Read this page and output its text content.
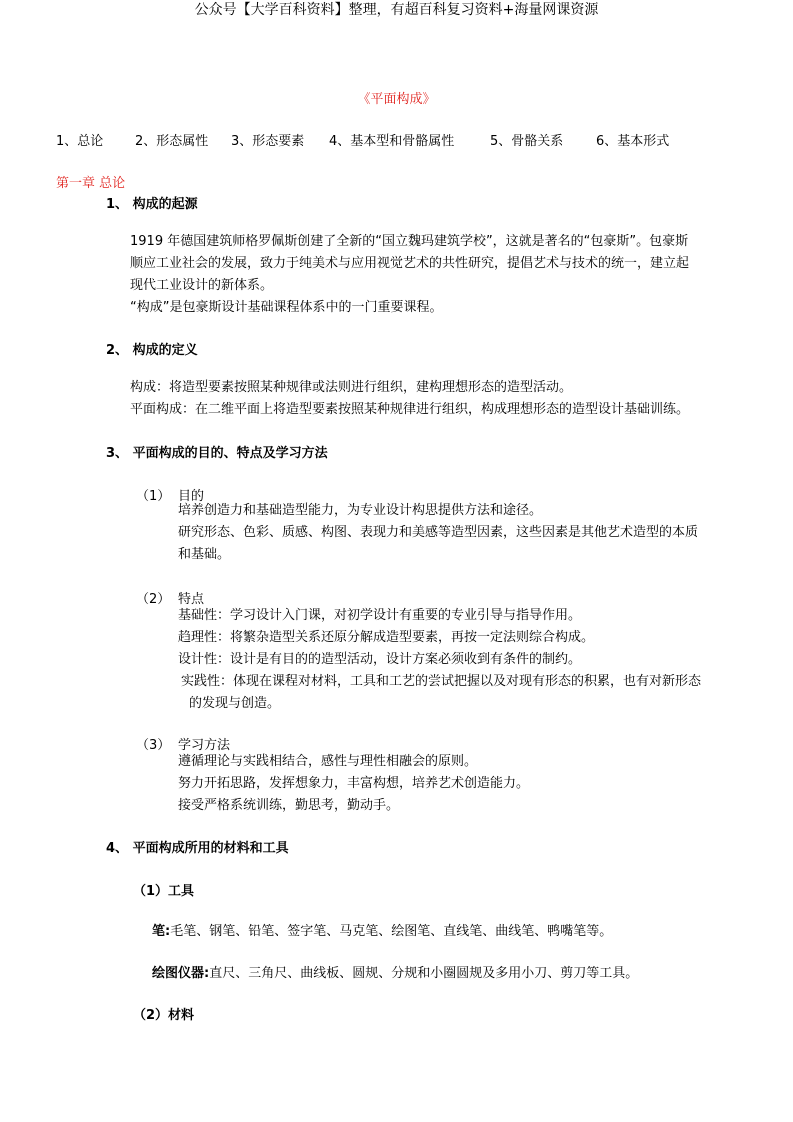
公众号【大学百科资料】整理，有超百科复习资料+海量网课资源
《平面构成》
1、总论 2、形态属性 3、形态要素 4、基本型和骨骼属性	5、骨骼关系	6、基本形式
第一章 总论
1、 构成的起源
1919 年德国建筑师格罗佩斯创建了全新的“国立魏玛建筑学校”，这就是著名的“包豪斯”。包豪斯
顺应工业社会的发展，致力于纯美术与应用视觉艺术的共性研究，提倡艺术与技术的统一，建立起
现代工业设计的新体系。
“构成”是包豪斯设计基础课程体系中的一门重要课程。
2、 构成的定义
构成：将造型要素按照某种规律或法则进行组织，建构理想形态的造型活动。
平面构成：在二维平面上将造型要素按照某种规律进行组织，构成理想形态的造型设计基础训练。
3、 平面构成的目的、特点及学习方法
（1） 目的
培养创造力和基础造型能力，为专业设计构思提供方法和途径。
研究形态、色彩、质感、构图、表现力和美感等造型因素，这些因素是其他艺术造型的本质
和基础。
（2） 特点
基础性：学习设计入门课，对初学设计有重要的专业引导与指导作用。
趋理性：将繁杂造型关系还原分解成造型要素，再按一定法则综合构成。
设计性：设计是有目的的造型活动，设计方案必须收到有条件的制约。
实践性：体现在课程对材料，工具和工艺的尝试把握以及对现有形态的积累，也有对新形态
的发现与创造。
（3） 学习方法
遵循理论与实践相结合，感性与理性相融会的原则。
努力开拓思路，发挥想象力，丰富构想，培养艺术创造能力。
接受严格系统训练，勤思考，勤动手。
4、 平面构成所用的材料和工具
（1）工具
笔:毛笔、钢笔、铅笔、签字笔、马克笔、绘图笔、直线笔、曲线笔、鸭嘴笔等。
绘图仪器:直尺、三角尺、曲线板、圆规、分规和小圈圆规及多用小刀、剪刀等工具。
（2）材料
